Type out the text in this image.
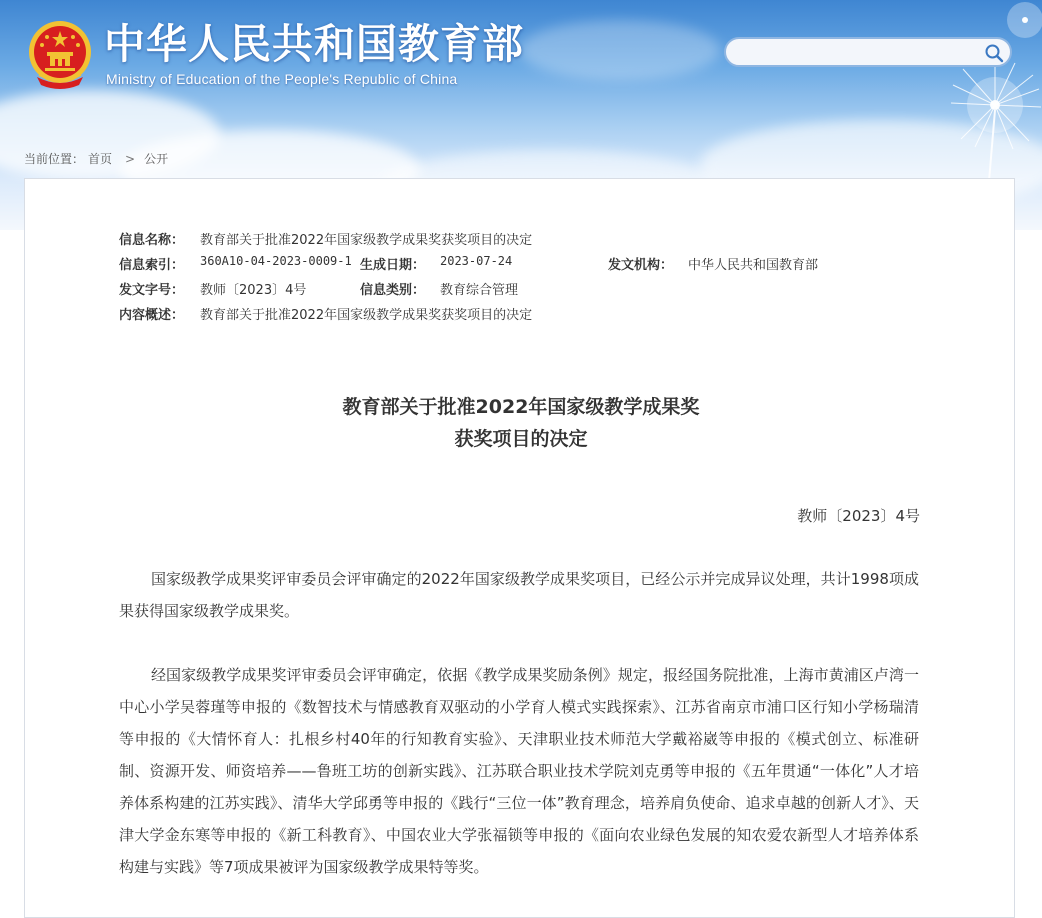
中华人民共和国教育部
Ministry of Education of the People's Republic of China
当前位置： 首页 > 公开
信息名称： 教育部关于批准2022年国家级教学成果奖获奖项目的决定
信息索引： 360A10-04-2023-0009-1 生成日期： 2023-07-24	发文机构： 中华人民共和国教育部
发文字号： 教师〔2023〕4号	信息类别： 教育综合管理
内容概述： 教育部关于批准2022年国家级教学成果奖获奖项目的决定
教育部关于批准2022年国家级教学成果奖
获奖项目的决定
教师〔2023〕4号
国家级教学成果奖评审委员会评审确定的2022年国家级教学成果奖项目，已经公示并完成异议处理，共计1998项成果获得国家级教学成果奖。
经国家级教学成果奖评审委员会评审确定，依据《教学成果奖励条例》规定，报经国务院批准，上海市黄浦区卢湾一中心小学吴蓉瑾等申报的《数智技术与情感教育双驱动的小学育人模式实践探索》、江苏省南京市浦口区行知小学杨瑞清等申报的《大情怀育人：扎根乡村40年的行知教育实验》、天津职业技术师范大学戴裕崴等申报的《模式创立、标准研制、资源开发、师资培养——鲁班工坊的创新实践》、江苏联合职业技术学院刘克勇等申报的《五年贯通“一体化”人才培养体系构建的江苏实践》、清华大学邱勇等申报的《践行“三位一体”教育理念，培养肩负使命、追求卓越的创新人才》、天津大学金东寒等申报的《新工科教育》、中国农业大学张福锁等申报的《面向农业绿色发展的知农爱农新型人才培养体系构建与实践》等7项成果被评为国家级教学成果特等奖。
